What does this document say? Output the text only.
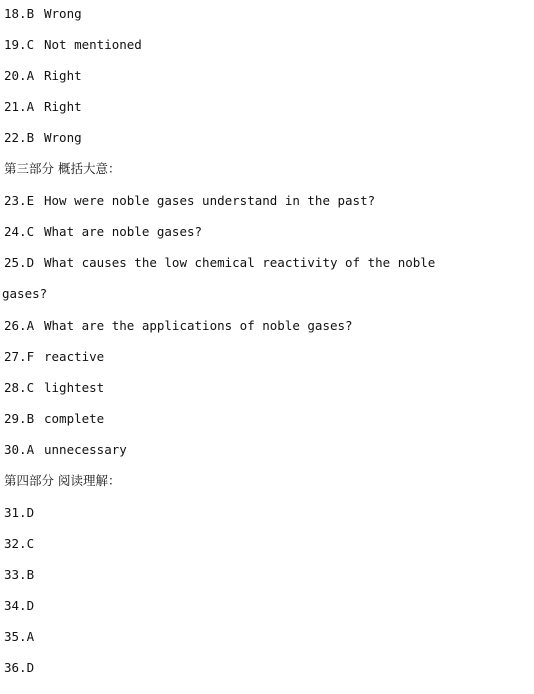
18.B Wrong
19.C Not mentioned
20.A Right
21.A Right
22.B Wrong
第三部分 概括大意：
23.E How were noble gases understand in the past?
24.C What are noble gases?
25.D What causes the low chemical reactivity of the noble
gases?
26.A What are the applications of noble gases?
27.F reactive
28.C lightest
29.B complete
30.A unnecessary
第四部分 阅读理解：
31.D
32.C
33.B
34.D
35.A
36.D
